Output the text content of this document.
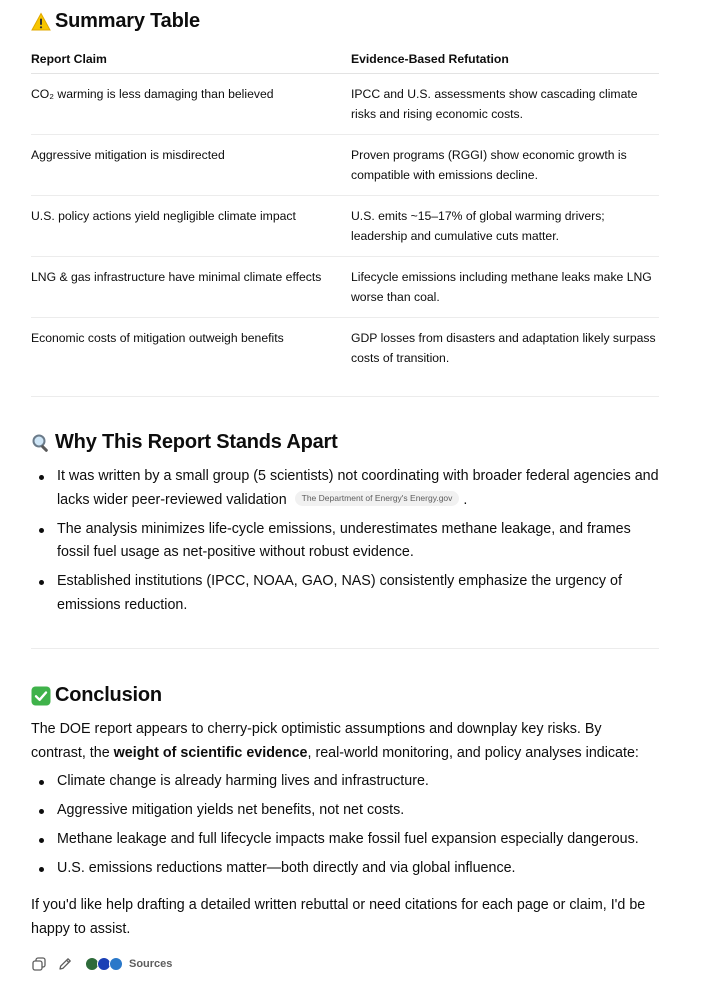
Summary Table
Report Claim	Evidence-Based Refutation
CO₂ warming is less damaging than believed	IPCC and U.S. assessments show cascading climate risks and rising economic costs.
Aggressive mitigation is misdirected	Proven programs (RGGI) show economic growth is compatible with emissions decline.
U.S. policy actions yield negligible climate impact	U.S. emits ~15–17% of global warming drivers; leadership and cumulative cuts matter.
LNG & gas infrastructure have minimal climate effects	Lifecycle emissions including methane leaks make LNG worse than coal.
Economic costs of mitigation outweigh benefits	GDP losses from disasters and adaptation likely surpass costs of transition.
Why This Report Stands Apart
It was written by a small group (5 scientists) not coordinating with broader federal agencies and lacks wider peer-reviewed validation The Department of Energy's Energy.gov .
The analysis minimizes life-cycle emissions, underestimates methane leakage, and frames fossil fuel usage as net-positive without robust evidence.
Established institutions (IPCC, NOAA, GAO, NAS) consistently emphasize the urgency of emissions reduction.
Conclusion

The DOE report appears to cherry-pick optimistic assumptions and downplay key risks. By contrast, the weight of scientific evidence, real-world monitoring, and policy analyses indicate:

Climate change is already harming lives and infrastructure.
Aggressive mitigation yields net benefits, not net costs.
Methane leakage and full lifecycle impacts make fossil fuel expansion especially dangerous.
U.S. emissions reductions matter—both directly and via global influence.

If you'd like help drafting a detailed written rebuttal or need citations for each page or claim, I'd be happy to assist.

Sources
